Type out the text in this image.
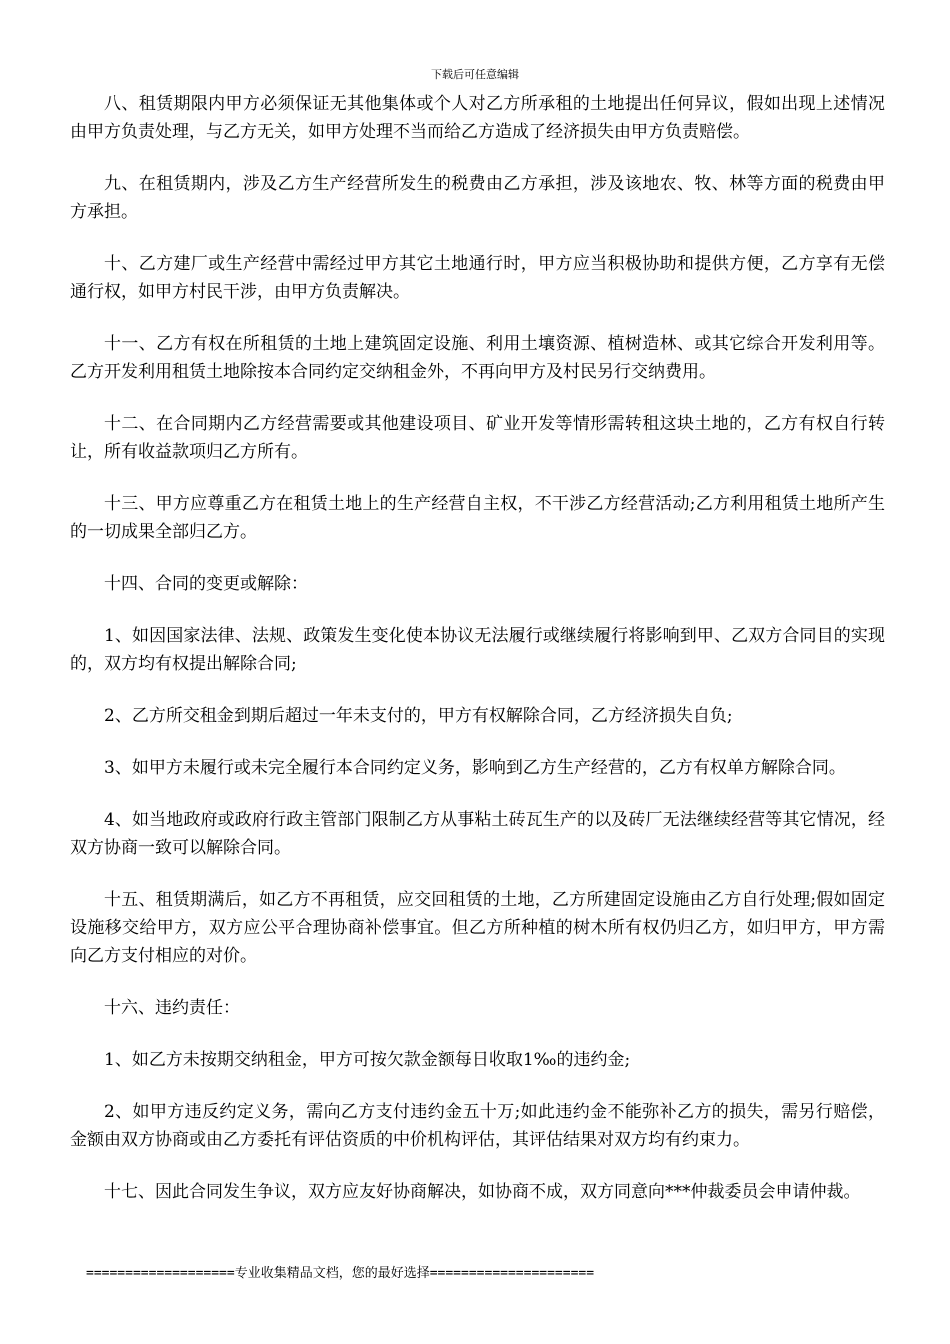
下载后可任意编辑

八、租赁期限内甲方必须保证无其他集体或个人对乙方所承租的土地提出任何异议，假如出现上述情况由甲方负责处理，与乙方无关，如甲方处理不当而给乙方造成了经济损失由甲方负责赔偿。

九、在租赁期内，涉及乙方生产经营所发生的税费由乙方承担，涉及该地农、牧、林等方面的税费由甲方承担。

十、乙方建厂或生产经营中需经过甲方其它土地通行时，甲方应当积极协助和提供方便，乙方享有无偿通行权，如甲方村民干涉，由甲方负责解决。

十一、乙方有权在所租赁的土地上建筑固定设施、利用土壤资源、植树造林、或其它综合开发利用等。乙方开发利用租赁土地除按本合同约定交纳租金外，不再向甲方及村民另行交纳费用。

十二、在合同期内乙方经营需要或其他建设项目、矿业开发等情形需转租这块土地的，乙方有权自行转让，所有收益款项归乙方所有。

十三、甲方应尊重乙方在租赁土地上的生产经营自主权，不干涉乙方经营活动;乙方利用租赁土地所产生的一切成果全部归乙方。

十四、合同的变更或解除：

1、如因国家法律、法规、政策发生变化使本协议无法履行或继续履行将影响到甲、乙双方合同目的实现的，双方均有权提出解除合同;

2、乙方所交租金到期后超过一年未支付的，甲方有权解除合同，乙方经济损失自负;

3、如甲方未履行或未完全履行本合同约定义务，影响到乙方生产经营的，乙方有权单方解除合同。

4、如当地政府或政府行政主管部门限制乙方从事粘土砖瓦生产的以及砖厂无法继续经营等其它情况，经双方协商一致可以解除合同。

十五、租赁期满后，如乙方不再租赁，应交回租赁的土地，乙方所建固定设施由乙方自行处理;假如固定设施移交给甲方，双方应公平合理协商补偿事宜。但乙方所种植的树木所有权仍归乙方，如归甲方，甲方需向乙方支付相应的对价。

十六、违约责任：

1、如乙方未按期交纳租金，甲方可按欠款金额每日收取1‰的违约金;

2、如甲方违反约定义务，需向乙方支付违约金五十万;如此违约金不能弥补乙方的损失，需另行赔偿，金额由双方协商或由乙方委托有评估资质的中价机构评估，其评估结果对双方均有约束力。

十七、因此合同发生争议，双方应友好协商解决，如协商不成，双方同意向***仲裁委员会申请仲裁。

===================专业收集精品文档，您的最好选择=====================
